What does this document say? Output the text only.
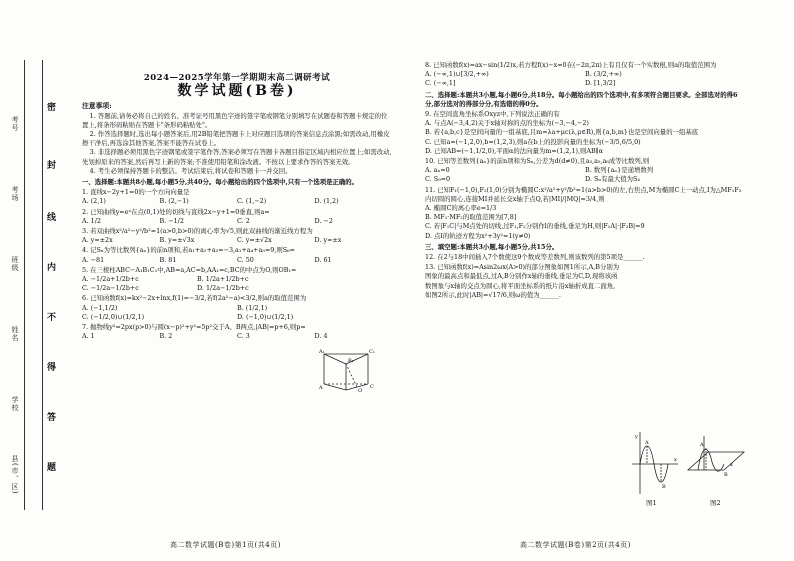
考号
考场
班级
姓名
学校
县(市、区)
密
封
线
内
不
得
答
题
2024—2025学年第一学期期末高二调研考试
数学试题(B卷)
注意事项:
1. 答题前,请务必将自己的姓名、准考证号用黑色字迹的签字笔或钢笔分别填写在试题卷和答题卡规定的位置上,将条形码粘贴在答题卡"条形码粘贴处"。
2. 作答选择题时,选出每小题答案后,用2B铅笔把答题卡上对应题目选项的答案信息点涂黑;如需改动,用橡皮擦干净后,再选涂其他答案,答案不能答在试卷上。
3. 非选择题必须用黑色字迹钢笔或签字笔作答,答案必须写在答题卡各题目指定区域内相应位置上;如需改动,先划掉原来的答案,然后再写上新的答案;不准使用铅笔和涂改液。不按以上要求作答的答案无效。
4. 考生必须保持答题卡的整洁。考试结束后,将试卷和答题卡一并交回。
一、选择题:本题共8小题,每小题5分,共40分。每小题给出的四个选项中,只有一个选项是正确的。
1. 直线x−2y+1=0的一个方向向量是
A. (2,1)	B. (2,−1)	C. (1,−2)	D. (1,2)
2. 已知曲线y=eˣ在点(0,1)处的切线与直线2x−y+1=0垂直,则a=
A. 1/2	B. −1/2	C. 2	D. −2
3. 若双曲线x²/a²−y²/b²=1(a>0,b>0)的离心率为√5,则此双曲线的渐近线方程为
A. y=±2x	B. y=±√3x	C. y=±√2x	D. y=±x
4. 记Sₙ为等比数列{aₙ}的前n项和,若a₁+a₂+a₃=−3,a₁+a₄+a₅=9,则S₆=
A. −81	B. 81	C. 50	D. 61
5. 在三棱柱ABC−A₁B₁C₁中,AB=a,AC=b,AA₁=c,BC的中点为O,则OB₁=
A. −1/2a+1/2b+c	B. 1/2a+1/2b+c
C. −1/2a−1/2b+c	D. 1/2a−1/2b+c
6. 已知函数f(x)=kx²−2x+lnx,f(1)=−3/2,若f(2a²−a)<3/2,则a的取值范围为
A. (−1,1/2)	B. (1/2,1)
C. (−1/2,0)∪(1/2,1)	D. (−1,0)∪(1/2,1)
7. 抛物线y²=2px(p>0)与圆(x−p)²+y²=5p²交于A、B两点,|AB|=p+6,则p=
A. 1	B. 2	C. 3	D. 4
A₁	C₁
B₁
A	C
O
8. 已知函数f(x)=ax−sin(1/2)x,若方程f(x)−x=0在(−2π,2π)上有且仅有一个实数根,则a的取值范围为
A. (−∞,1)∪[3/2,+∞)	B. (3/2,+∞)
C. (−∞,1]	D. [1,3/2]
二、选择题:本题共3小题,每小题6分,共18分。每小题给出的四个选项中,有多项符合题目要求。全部选对的得6分,部分选对的得部分分,有选错的得0分。
9. 在空间直角坐标系Oxyz中,下列说法正确的有
A. 与点A(−3,4,2)关于x轴对称的点的坐标为(−3,−4,−2)
B. 若{a,b,c}是空间向量的一组基底,且m=λa+μc(λ,μ∈R),则{a,b,m}也是空间向量的一组基底
C. 已知a=(−1,2,0),b=(1,2,3),则a在b上的投影向量的坐标为(−3/5,6/5,0)
D. 已知AB=(−1,1/2,0),平面α的法向量为m=(1,2,1),则AB∥α
10. 已知等差数列{aₙ}的前n项和为Sₙ,公差为d(d≠0),且a₃,a₅,a₈成等比数列,则
A. aₙ=0	B. 数列{aₙ}是递增数列
C. S₉=0	D. Sₙ有最大值为S₄
11. 已知F₁(−1,0),F₂(1,0)分别为椭圆C:x²/a²+y²/b²=1(a>b>0)的左,右焦点,M为椭圆C上一动点,I为△MF₁F₂内切圆的圆心,连接MI并延长交x轴于点Q,若|MI|/|MQ|=3/4,则
A. 椭圆C的离心率e=1/3
B. MF₁·MF₂的取值范围为[7,8]
C. 若|F₁C|与M点处的切线,过F₁,F₂分别作l的垂线,垂足为H,则|F₁A|·|F₂B|=9
D. 点I的轨迹方程为x²+3y²=1(y≠0)
三、填空题:本题共3小题,每小题5分,共15分。
12. 在2与18中间插入7个数使这9个数成等差数列,则该数列的第5项是______.
13. 已知函数f(x)=Asin2ωx(A>0)的部分图象如图1所示,A,B分别为图象的最高点和最低点,过A,B分别作x轴的垂线,垂足为C,D,现将该函数图象与x轴的交点为圆心,将平面坐标系的纸片沿x轴折成直二面角,如图2所示,此时|AB|=√17/6,则ω的值为______.
y
A
B
x
A
B
x
图1	图2
高二数学试题(B卷)第1页(共4页)	高二数学试题(B卷)第2页(共4页)
